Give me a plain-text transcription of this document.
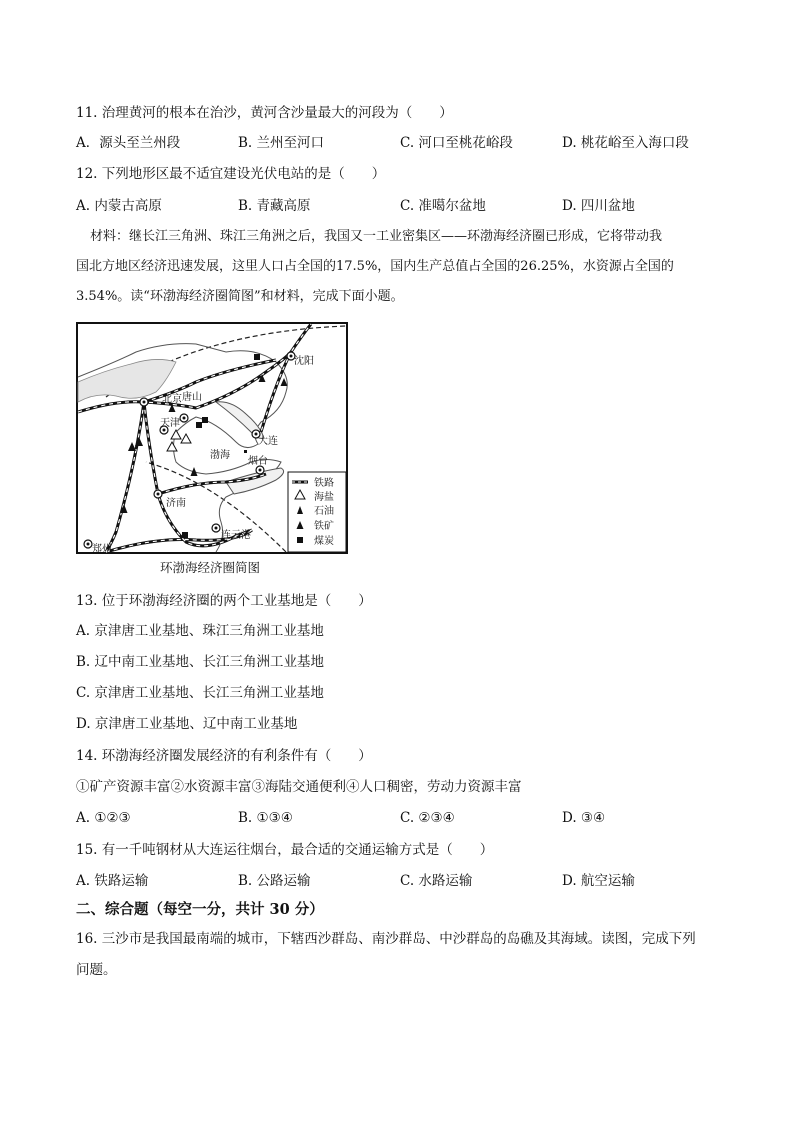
11. 治理黄河的根本在治沙，黄河含沙量最大的河段为（　　）
A．源头至兰州段	B. 兰州至河口	C. 河口至桃花峪段	D. 桃花峪至入海口段
12. 下列地形区最不适宜建设光伏电站的是（　　）
A. 内蒙古高原	B. 青藏高原	C. 准噶尔盆地	D. 四川盆地
材料：继长江三角洲、珠江三角洲之后，我国又一工业密集区——环渤海经济圈已形成，它将带动我
国北方地区经济迅速发展，这里人口占全国的17.5%，国内生产总值占全国的26.25%，水资源占全国的
3.54%。读“环渤海经济圈简图”和材料，完成下面小题。
沈阳
北京 唐山
天津
大连
渤海
烟台
济南
连云港
郑州
铁路
海盐
石油
铁矿
煤炭
环渤海经济圈简图
13. 位于环渤海经济圈的两个工业基地是（　　）
A. 京津唐工业基地、珠江三角洲工业基地
B. 辽中南工业基地、长江三角洲工业基地
C. 京津唐工业基地、长江三角洲工业基地
D. 京津唐工业基地、辽中南工业基地
14. 环渤海经济圈发展经济的有利条件有（　　）
①矿产资源丰富②水资源丰富③海陆交通便利④人口稠密，劳动力资源丰富
A. ①②③	B. ①③④	C. ②③④	D. ③④
15. 有一千吨钢材从大连运往烟台，最合适的交通运输方式是（　　）
A. 铁路运输	B. 公路运输	C. 水路运输	D. 航空运输
二、综合题（每空一分，共计 30 分）
16. 三沙市是我国最南端的城市，下辖西沙群岛、南沙群岛、中沙群岛的岛礁及其海域。读图，完成下列
问题。
